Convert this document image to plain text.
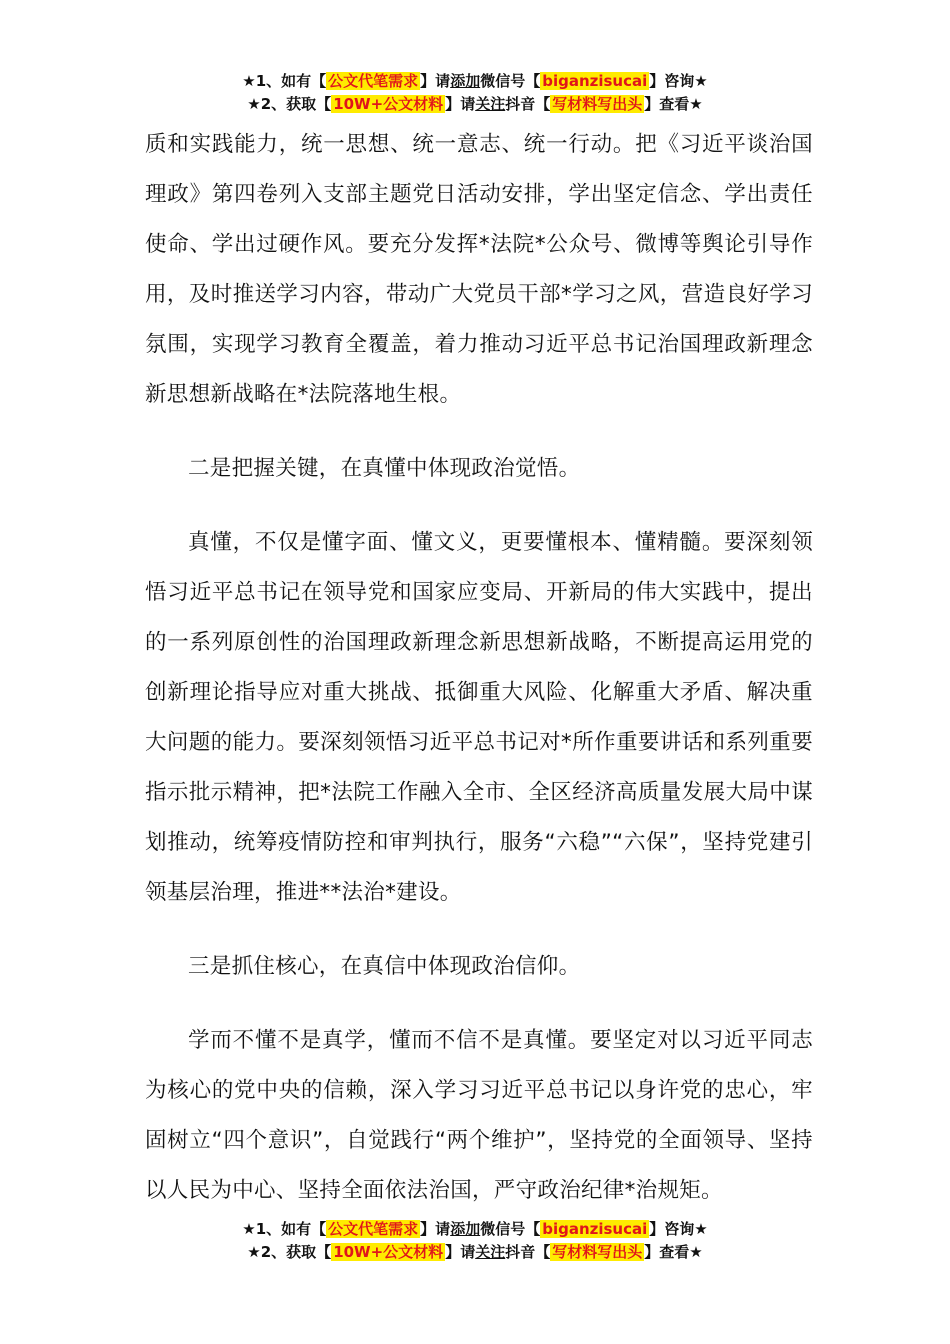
★1、如有【 公文代笔需求 】请添加微信号【 biganzisucai 】咨询★
★2、获取【 10W+公文材料 】请关注抖音【 写材料写出头 】查看★

质和实践能力，统一思想、统一意志、统一行动。把《习近平谈治国理政》第四卷列入支部主题党日活动安排，学出坚定信念、学出责任使命、学出过硬作风。要充分发挥*法院*公众号、微博等舆论引导作用，及时推送学习内容，带动广大党员干部*学习之风，营造良好学习氛围，实现学习教育全覆盖，着力推动习近平总书记治国理政新理念新思想新战略在*法院落地生根。

二是把握关键，在真懂中体现政治觉悟。

真懂，不仅是懂字面、懂文义，更要懂根本、懂精髓。要深刻领悟习近平总书记在领导党和国家应变局、开新局的伟大实践中，提出的一系列原创性的治国理政新理念新思想新战略，不断提高运用党的创新理论指导应对重大挑战、抵御重大风险、化解重大矛盾、解决重大问题的能力。要深刻领悟习近平总书记对*所作重要讲话和系列重要指示批示精神，把*法院工作融入全市、全区经济高质量发展大局中谋划推动，统筹疫情防控和审判执行，服务“六稳”“六保”，坚持党建引领基层治理，推进**法治*建设。

三是抓住核心，在真信中体现政治信仰。

学而不懂不是真学，懂而不信不是真懂。要坚定对以习近平同志为核心的党中央的信赖，深入学习习近平总书记以身许党的忠心，牢固树立“四个意识”，自觉践行“两个维护”，坚持党的全面领导、坚持以人民为中心、坚持全面依法治国，严守政治纪律*治规矩。

★1、如有【 公文代笔需求 】请添加微信号【 biganzisucai 】咨询★
★2、获取【 10W+公文材料 】请关注抖音【 写材料写出头 】查看★
